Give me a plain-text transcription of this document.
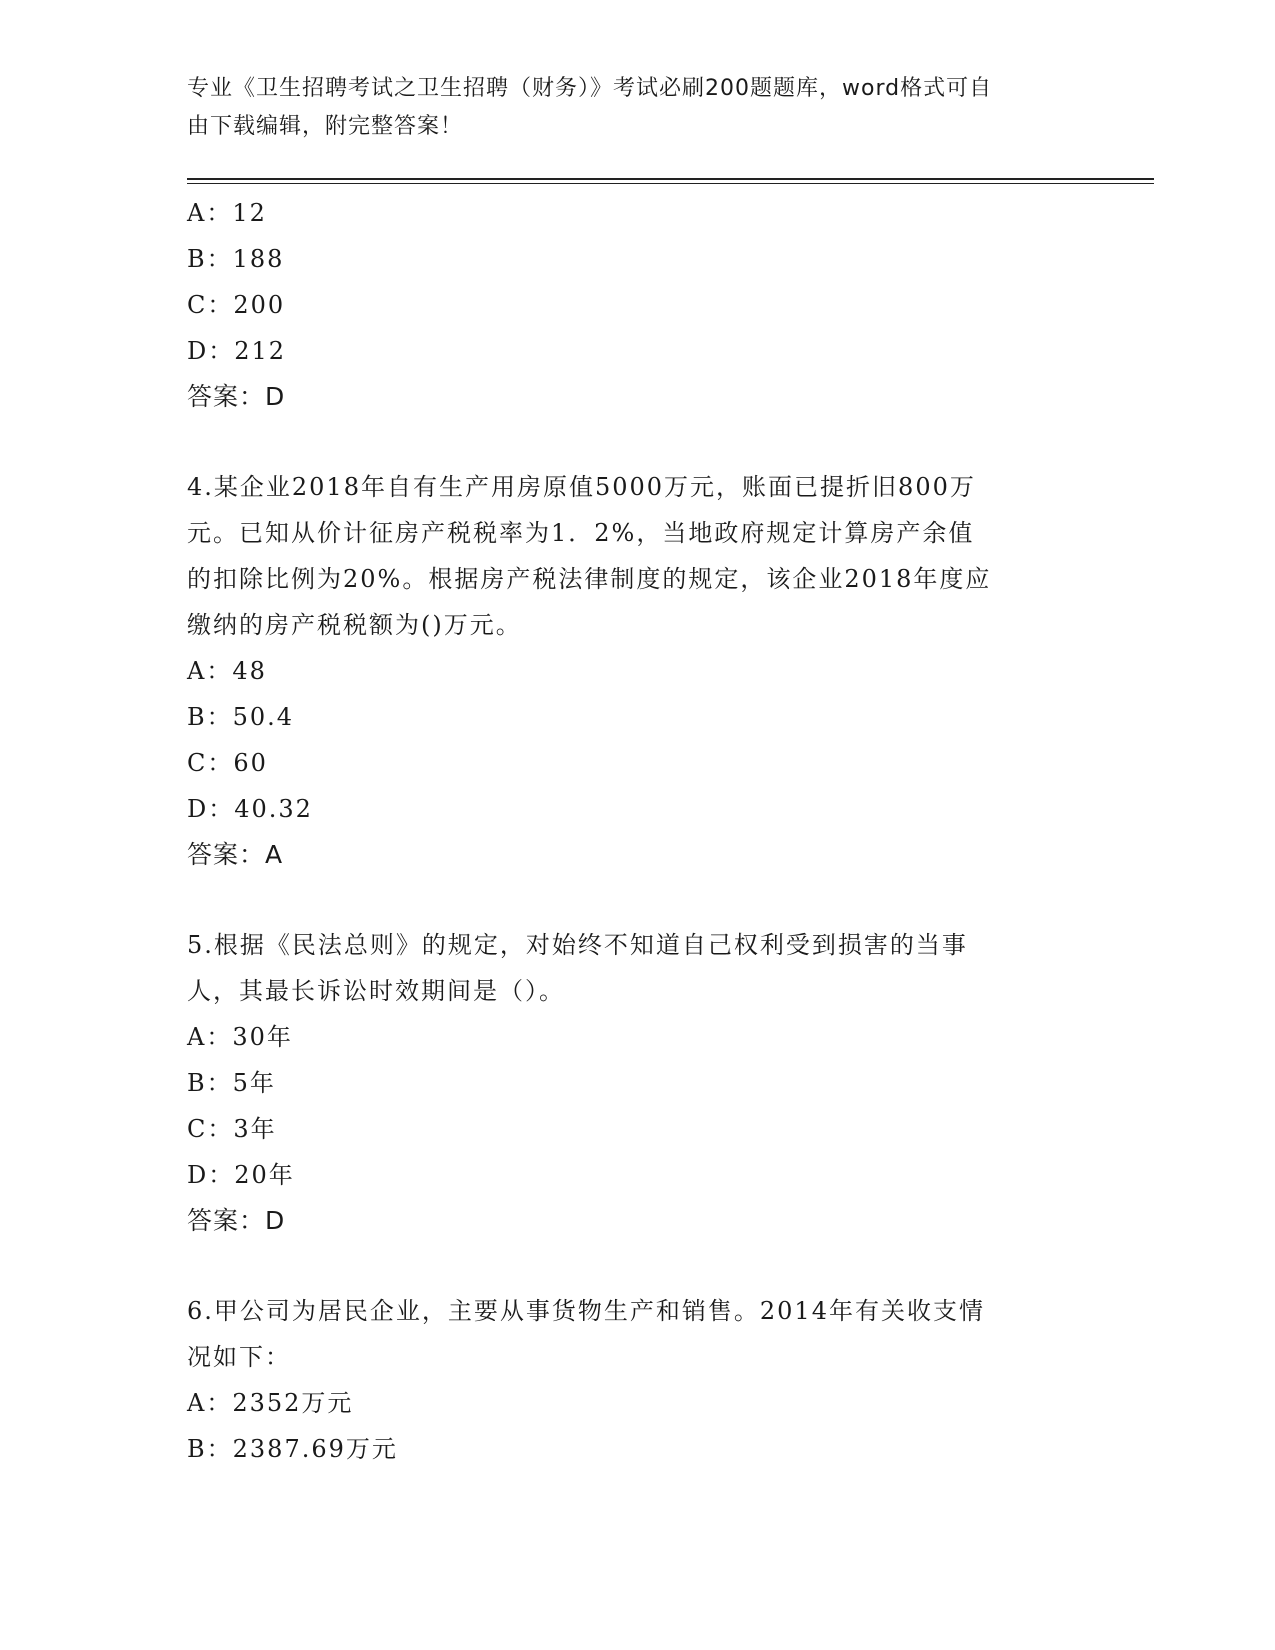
专业《卫生招聘考试之卫生招聘（财务）》考试必刷200题题库，word格式可自
由下载编辑，附完整答案！
A：12
B：188
C：200
D：212
答案：D
4.某企业2018年自有生产用房原值5000万元，账面已提折旧800万
元。已知从价计征房产税税率为1．2%，当地政府规定计算房产余值
的扣除比例为20%。根据房产税法律制度的规定，该企业2018年度应
缴纳的房产税税额为()万元。
A：48
B：50.4
C：60
D：40.32
答案：A
5.根据《民法总则》的规定，对始终不知道自己权利受到损害的当事
人，其最长诉讼时效期间是（）。
A：30年
B：5年
C：3年
D：20年
答案：D
6.甲公司为居民企业，主要从事货物生产和销售。2014年有关收支情
况如下：
A：2352万元
B：2387.69万元
